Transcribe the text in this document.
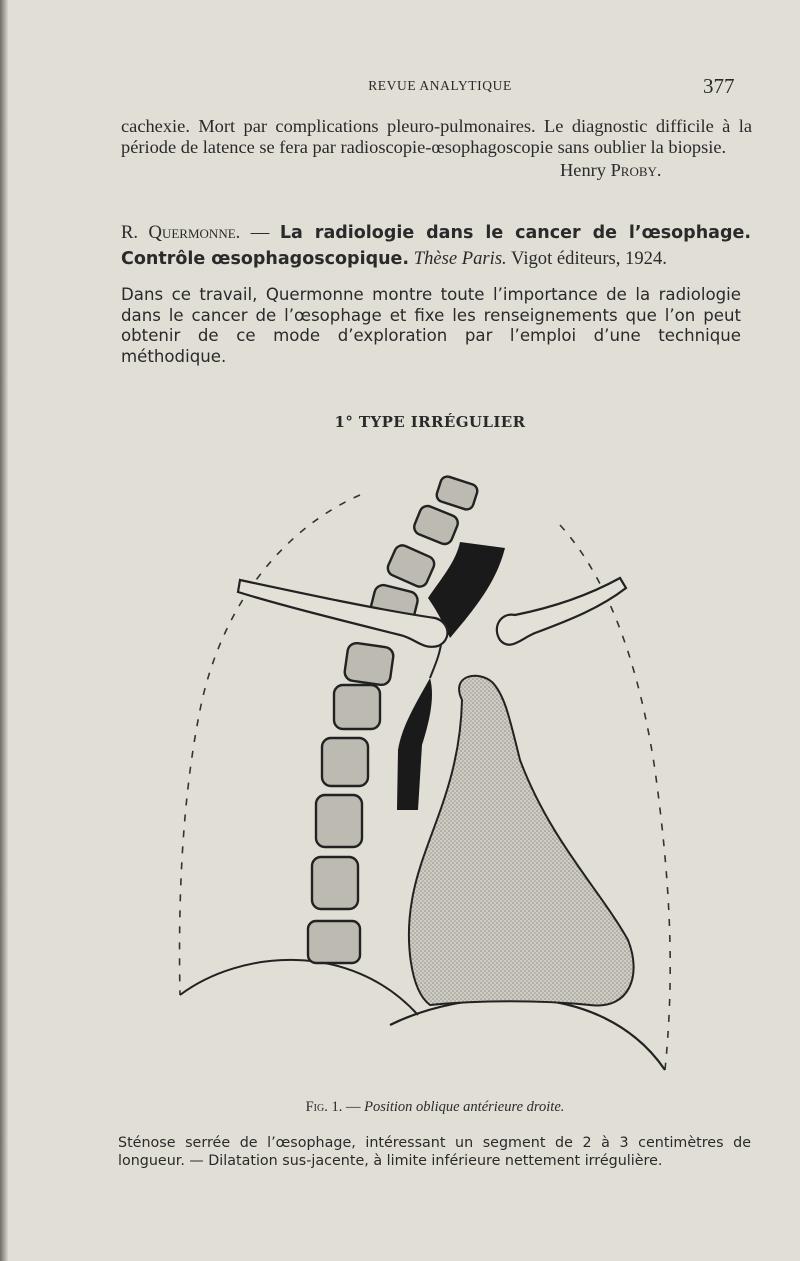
REVUE ANALYTIQUE	377
cachexie. Mort par complications pleuro-pulmonaires. Le diagnostic difficile à la période de latence se fera par radioscopie-œsophagoscopie sans oublier la biopsie.
Henry Proby.
R. Quermonne. — La radiologie dans le cancer de l’œsophage. Contrôle œsophagoscopique. Thèse Paris. Vigot éditeurs, 1924.
Dans ce travail, Quermonne montre toute l’importance de la radiologie dans le cancer de l’œsophage et fixe les renseignements que l’on peut obtenir de ce mode d’exploration par l’emploi d’une technique méthodique.
1° TYPE IRRÉGULIER
Fig. 1. — Position oblique antérieure droite.
Sténose serrée de l’œsophage, intéressant un segment de 2 à 3 centimètres de longueur. — Dilatation sus-jacente, à limite inférieure nettement irrégulière.
